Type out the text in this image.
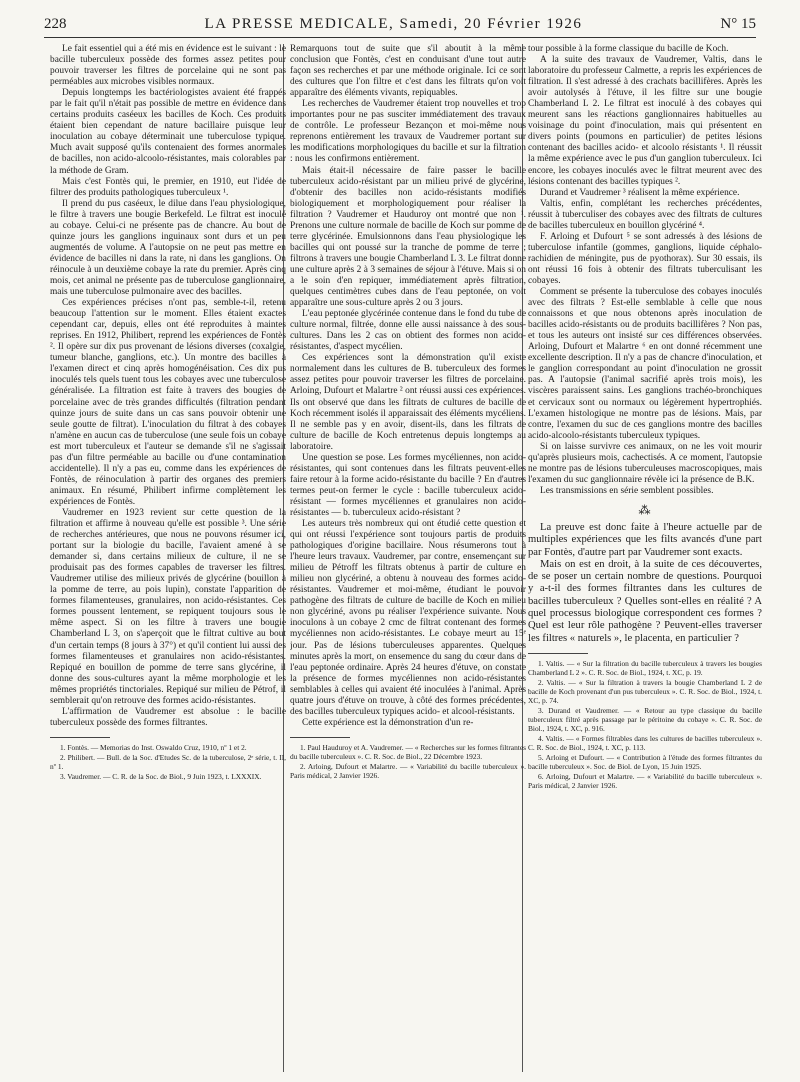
228	LA PRESSE MEDICALE, Samedi, 20 Février 1926	N° 15

Le fait essentiel qui a été mis en évidence est le suivant : le bacille tuberculeux possède des formes assez petites pour pouvoir traverser les filtres de porcelaine qui ne sont pas perméables aux microbes visibles normaux.

Depuis longtemps les bactériologistes avaient été frappés par le fait qu'il n'était pas possible de mettre en évidence dans certains produits caséeux les bacilles de Koch. Ces produits étaient bien cependant de nature bacillaire puisque leur inoculation au cobaye déterminait une tuberculose typique. Much avait supposé qu'ils contenaient des formes anormales de bacilles, non acido-alcoolo-résistantes, mais colorables par la méthode de Gram.

Mais c'est Fontès qui, le premier, en 1910, eut l'idée de filtrer des produits pathologiques tuberculeux ¹.

Il prend du pus caséeux, le dilue dans l'eau physiologique, le filtre à travers une bougie Berkefeld. Le filtrat est inoculé au cobaye. Celui-ci ne présente pas de chancre. Au bout de quinze jours les ganglions inguinaux sont durs et un peu augmentés de volume. A l'autopsie on ne peut pas mettre en évidence de bacilles ni dans la rate, ni dans les ganglions. On réinocule à un deuxième cobaye la rate du premier. Après cinq mois, cet animal ne présente pas de tuberculose ganglionnaire, mais une tuberculose pulmonaire avec des bacilles.

Ces expériences précises n'ont pas, semble-t-il, retenu beaucoup l'attention sur le moment. Elles étaient exactes cependant car, depuis, elles ont été reproduites à maintes reprises. En 1912, Philibert, reprend les expériences de Fontès ². Il opère sur dix pus provenant de lésions diverses (coxalgie, tumeur blanche, ganglions, etc.). Un montre des bacilles à l'examen direct et cinq après homogénéisation. Ces dix pus inoculés tels quels tuent tous les cobayes avec une tuberculose généralisée. La filtration est faite à travers des bougies de porcelaine avec de très grandes difficultés (filtration pendant quinze jours de suite dans un cas sans pouvoir obtenir une seule goutte de filtrat). L'inoculation du filtrat à des cobayes n'amène en aucun cas de tuberculose (une seule fois un cobaye est mort tuberculeux et l'auteur se demande s'il ne s'agissait pas d'un filtre perméable au bacille ou d'une contamination accidentelle). Il n'y a pas eu, comme dans les expériences de Fontès, de réinoculation à partir des organes des premiers animaux. En résumé, Philibert infirme complètement les expériences de Fontès.

Vaudremer en 1923 revient sur cette question de la filtration et affirme à nouveau qu'elle est possible ³. Une série de recherches antérieures, que nous ne pouvons résumer ici, portant sur la biologie du bacille, l'avaient amené à se demander si, dans certains milieux de culture, il ne se produisait pas des formes capables de traverser les filtres. Vaudremer utilise des milieux privés de glycérine (bouillon à la pomme de terre, au pois lupin), constate l'apparition de formes filamenteuses, granulaires, non acido-résistantes. Ces formes poussent lentement, se repiquent toujours sous le même aspect. Si on les filtre à travers une bougie Chamberland L 3, on s'aperçoit que le filtrat cultive au bout d'un certain temps (8 jours à 37°) et qu'il contient lui aussi des formes filamenteuses et granulaires non acido-résistantes. Repiqué en bouillon de pomme de terre sans glycérine, il donne des sous-cultures ayant la même morphologie et les mêmes propriétés tinctoriales. Repiqué sur milieu de Pétrof, il semblerait qu'on retrouve des formes acido-résistantes.

L'affirmation de Vaudremer est absolue : le bacille tuberculeux possède des formes filtrantes.

1. Fontès. — Memorias do Inst. Oswaldo Cruz, 1910, nº 1 et 2.

2. Philibert. — Bull. de la Soc. d'Etudes Sc. de la tuberculose, 2ᵉ série, t. II, nº 1.

3. Vaudremer. — C. R. de la Soc. de Biol., 9 Juin 1923, t. LXXXIX.

Remarquons tout de suite que s'il aboutit à la même conclusion que Fontès, c'est en conduisant d'une tout autre façon ses recherches et par une méthode originale. Ici ce sont des cultures que l'on filtre et c'est dans les filtrats qu'on voit apparaître des éléments vivants, repiquables.

Les recherches de Vaudremer étaient trop nouvelles et trop importantes pour ne pas susciter immédiatement des travaux de contrôle. Le professeur Bezançon et moi-même nous reprenons entièrement les travaux de Vaudremer portant sur les modifications morphologiques du bacille et sur la filtration : nous les confirmons entièrement.

Mais était-il nécessaire de faire passer le bacille tuberculeux acido-résistant par un milieu privé de glycérine, d'obtenir des bacilles non acido-résistants modifiés biologiquement et morphologiquement pour réaliser la filtration ? Vaudremer et Hauduroy ont montré que non ¹. Prenons une culture normale de bacille de Koch sur pomme de terre glycérinée. Emulsionnons dans l'eau physiologique les bacilles qui ont poussé sur la tranche de pomme de terre ; filtrons à travers une bougie Chamberland L 3. Le filtrat donne une culture après 2 à 3 semaines de séjour à l'étuve. Mais si on a le soin d'en repiquer, immédiatement après filtration, quelques centimètres cubes dans de l'eau peptonée, on voit apparaître une sous-culture après 2 ou 3 jours.

L'eau peptonée glycérinée contenue dans le fond du tube de culture normal, filtrée, donne elle aussi naissance à des sous-cultures. Dans les 2 cas on obtient des formes non acido-résistantes, d'aspect mycélien.

Ces expériences sont la démonstration qu'il existe normalement dans les cultures de B. tuberculeux des formes assez petites pour pouvoir traverser les filtres de porcelaine. Arloing, Dufourt et Malartre ² ont réussi aussi ces expériences. Ils ont observé que dans les filtrats de cultures de bacille de Koch récemment isolés il apparaissait des éléments mycéliens. Il ne semble pas y en avoir, disent-ils, dans les filtrats de culture de bacille de Koch entretenus depuis longtemps au laboratoire.

Une question se pose. Les formes mycéliennes, non acido-résistantes, qui sont contenues dans les filtrats peuvent-elles faire retour à la forme acido-résistante du bacille ? En d'autres termes peut-on fermer le cycle : bacille tuberculeux acido-résistant — formes mycéliennes et granulaires non acido-résistantes — b. tuberculeux acido-résistant ?

Les auteurs très nombreux qui ont étudié cette question et qui ont réussi l'expérience sont toujours partis de produits pathologiques d'origine bacillaire. Nous résumerons tout à l'heure leurs travaux. Vaudremer, par contre, ensemençant sur milieu de Pétroff les filtrats obtenus à partir de culture en milieu non glycériné, a obtenu à nouveau des formes acido-résistantes. Vaudremer et moi-même, étudiant le pouvoir pathogène des filtrats de culture de bacille de Koch en milieu non glycériné, avons pu réaliser l'expérience suivante. Nous inoculons à un cobaye 2 cmc de filtrat contenant des formes mycéliennes non acido-résistantes. Le cobaye meurt au 15ᵉ jour. Pas de lésions tuberculeuses apparentes. Quelques minutes après la mort, on ensemence du sang du cœur dans de l'eau peptonée ordinaire. Après 24 heures d'étuve, on constate la présence de formes mycéliennes non acido-résistantes semblables à celles qui avaient été inoculées à l'animal. Après quatre jours d'étuve on trouve, à côté des formes précédentes, des bacilles tuberculeux typiques acido- et alcool-résistants.

Cette expérience est la démonstration d'un re-

1. Paul Hauduroy et A. Vaudremer. — « Recherches sur les formes filtrantes du bacille tuberculeux ». C. R. Soc. de Biol., 22 Décembre 1923.

2. Arloing, Dufourt et Malartre. — « Variabilité du bacille tuberculeux ». Paris médical, 2 Janvier 1926.

tour possible à la forme classique du bacille de Koch.

A la suite des travaux de Vaudremer, Valtis, dans le laboratoire du professeur Calmette, a repris les expériences de filtration. Il s'est adressé à des crachats bacillifères. Après les avoir autolysés à l'étuve, il les filtre sur une bougie Chamberland L 2. Le filtrat est inoculé à des cobayes qui meurent sans les réactions ganglionnaires habituelles au voisinage du point d'inoculation, mais qui présentent en divers points (poumons en particulier) de petites lésions contenant des bacilles acido- et alcoolo résistants ¹. Il réussit la même expérience avec le pus d'un ganglion tuberculeux. Ici encore, les cobayes inoculés avec le filtrat meurent avec des lésions contenant des bacilles typiques ².

Durand et Vaudremer ³ réalisent la même expérience.

Valtis, enfin, complétant les recherches précédentes, réussit à tuberculiser des cobayes avec des filtrats de cultures de bacilles tuberculeux en bouillon glycériné ⁴.

F. Arloing et Dufourt ⁵ se sont adressés à des lésions de tuberculose infantile (gommes, ganglions, liquide céphalo-rachidien de méningite, pus de pyothorax). Sur 30 essais, ils ont réussi 16 fois à obtenir des filtrats tuberculisant les cobayes.

Comment se présente la tuberculose des cobayes inoculés avec des filtrats ? Est-elle semblable à celle que nous connaissons et que nous obtenons après inoculation de bacilles acido-résistants ou de produits bacillifères ? Non pas, et tous les auteurs ont insisté sur ces différences observées. Arloing, Dufourt et Malartre ⁶ en ont donné récemment une excellente description. Il n'y a pas de chancre d'inoculation, et le ganglion correspondant au point d'inoculation ne grossit pas. A l'autopsie (l'animal sacrifié après trois mois), les viscères paraissent sains. Les ganglions trachéo-bronchiques et cervicaux sont ou normaux ou légèrement hypertrophiés. L'examen histologique ne montre pas de lésions. Mais, par contre, l'examen du suc de ces ganglions montre des bacilles acido-alcoolo-résistants tuberculeux typiques.

Si on laisse survivre ces animaux, on ne les voit mourir qu'après plusieurs mois, cachectisés. A ce moment, l'autopsie ne montre pas de lésions tuberculeuses macroscopiques, mais l'examen du suc ganglionnaire révèle ici la présence de B.K.

Les transmissions en série semblent possibles.

⁂

La preuve est donc faite à l'heure actuelle par de multiples expériences que les filts avancés d'une part par Fontès, d'autre part par Vaudremer sont exacts.

Mais on est en droit, à la suite de ces découvertes, de se poser un certain nombre de questions. Pourquoi y a-t-il des formes filtrantes dans les cultures de bacilles tuberculeux ? Quelles sont-elles en réalité ? A quel processus biologique correspondent ces formes ? Quel est leur rôle pathogène ? Peuvent-elles traverser les filtres « naturels », le placenta, en particulier ?

1. Valtis. — « Sur la filtration du bacille tuberculeux à travers les bougies Chamberland L 2 ». C. R. Soc. de Biol., 1924, t. XC, p. 19.

2. Valtis. — « Sur la filtration à travers la bougie Chamberland L 2 de bacille de Koch provenant d'un pus tuberculeux ». C. R. Soc. de Biol., 1924, t. XC, p. 74.

3. Durand et Vaudremer. — « Retour au type classique du bacille tuberculeux filtré après passage par le péritoine du cobaye ». C. R. Soc. de Biol., 1924, t. XC, p. 916.

4. Valtis. — « Formes filtrables dans les cultures de bacilles tuberculeux ». C. R. Soc. de Biol., 1924, t. XC, p. 113.

5. Arloing et Dufourt. — « Contribution à l'étude des formes filtrantes du bacille tuberculeux ». Soc. de Biol. de Lyon, 15 Juin 1925.

6. Arloing, Dufourt et Malartre. — « Variabilité du bacille tuberculeux ». Paris médical, 2 Janvier 1926.
